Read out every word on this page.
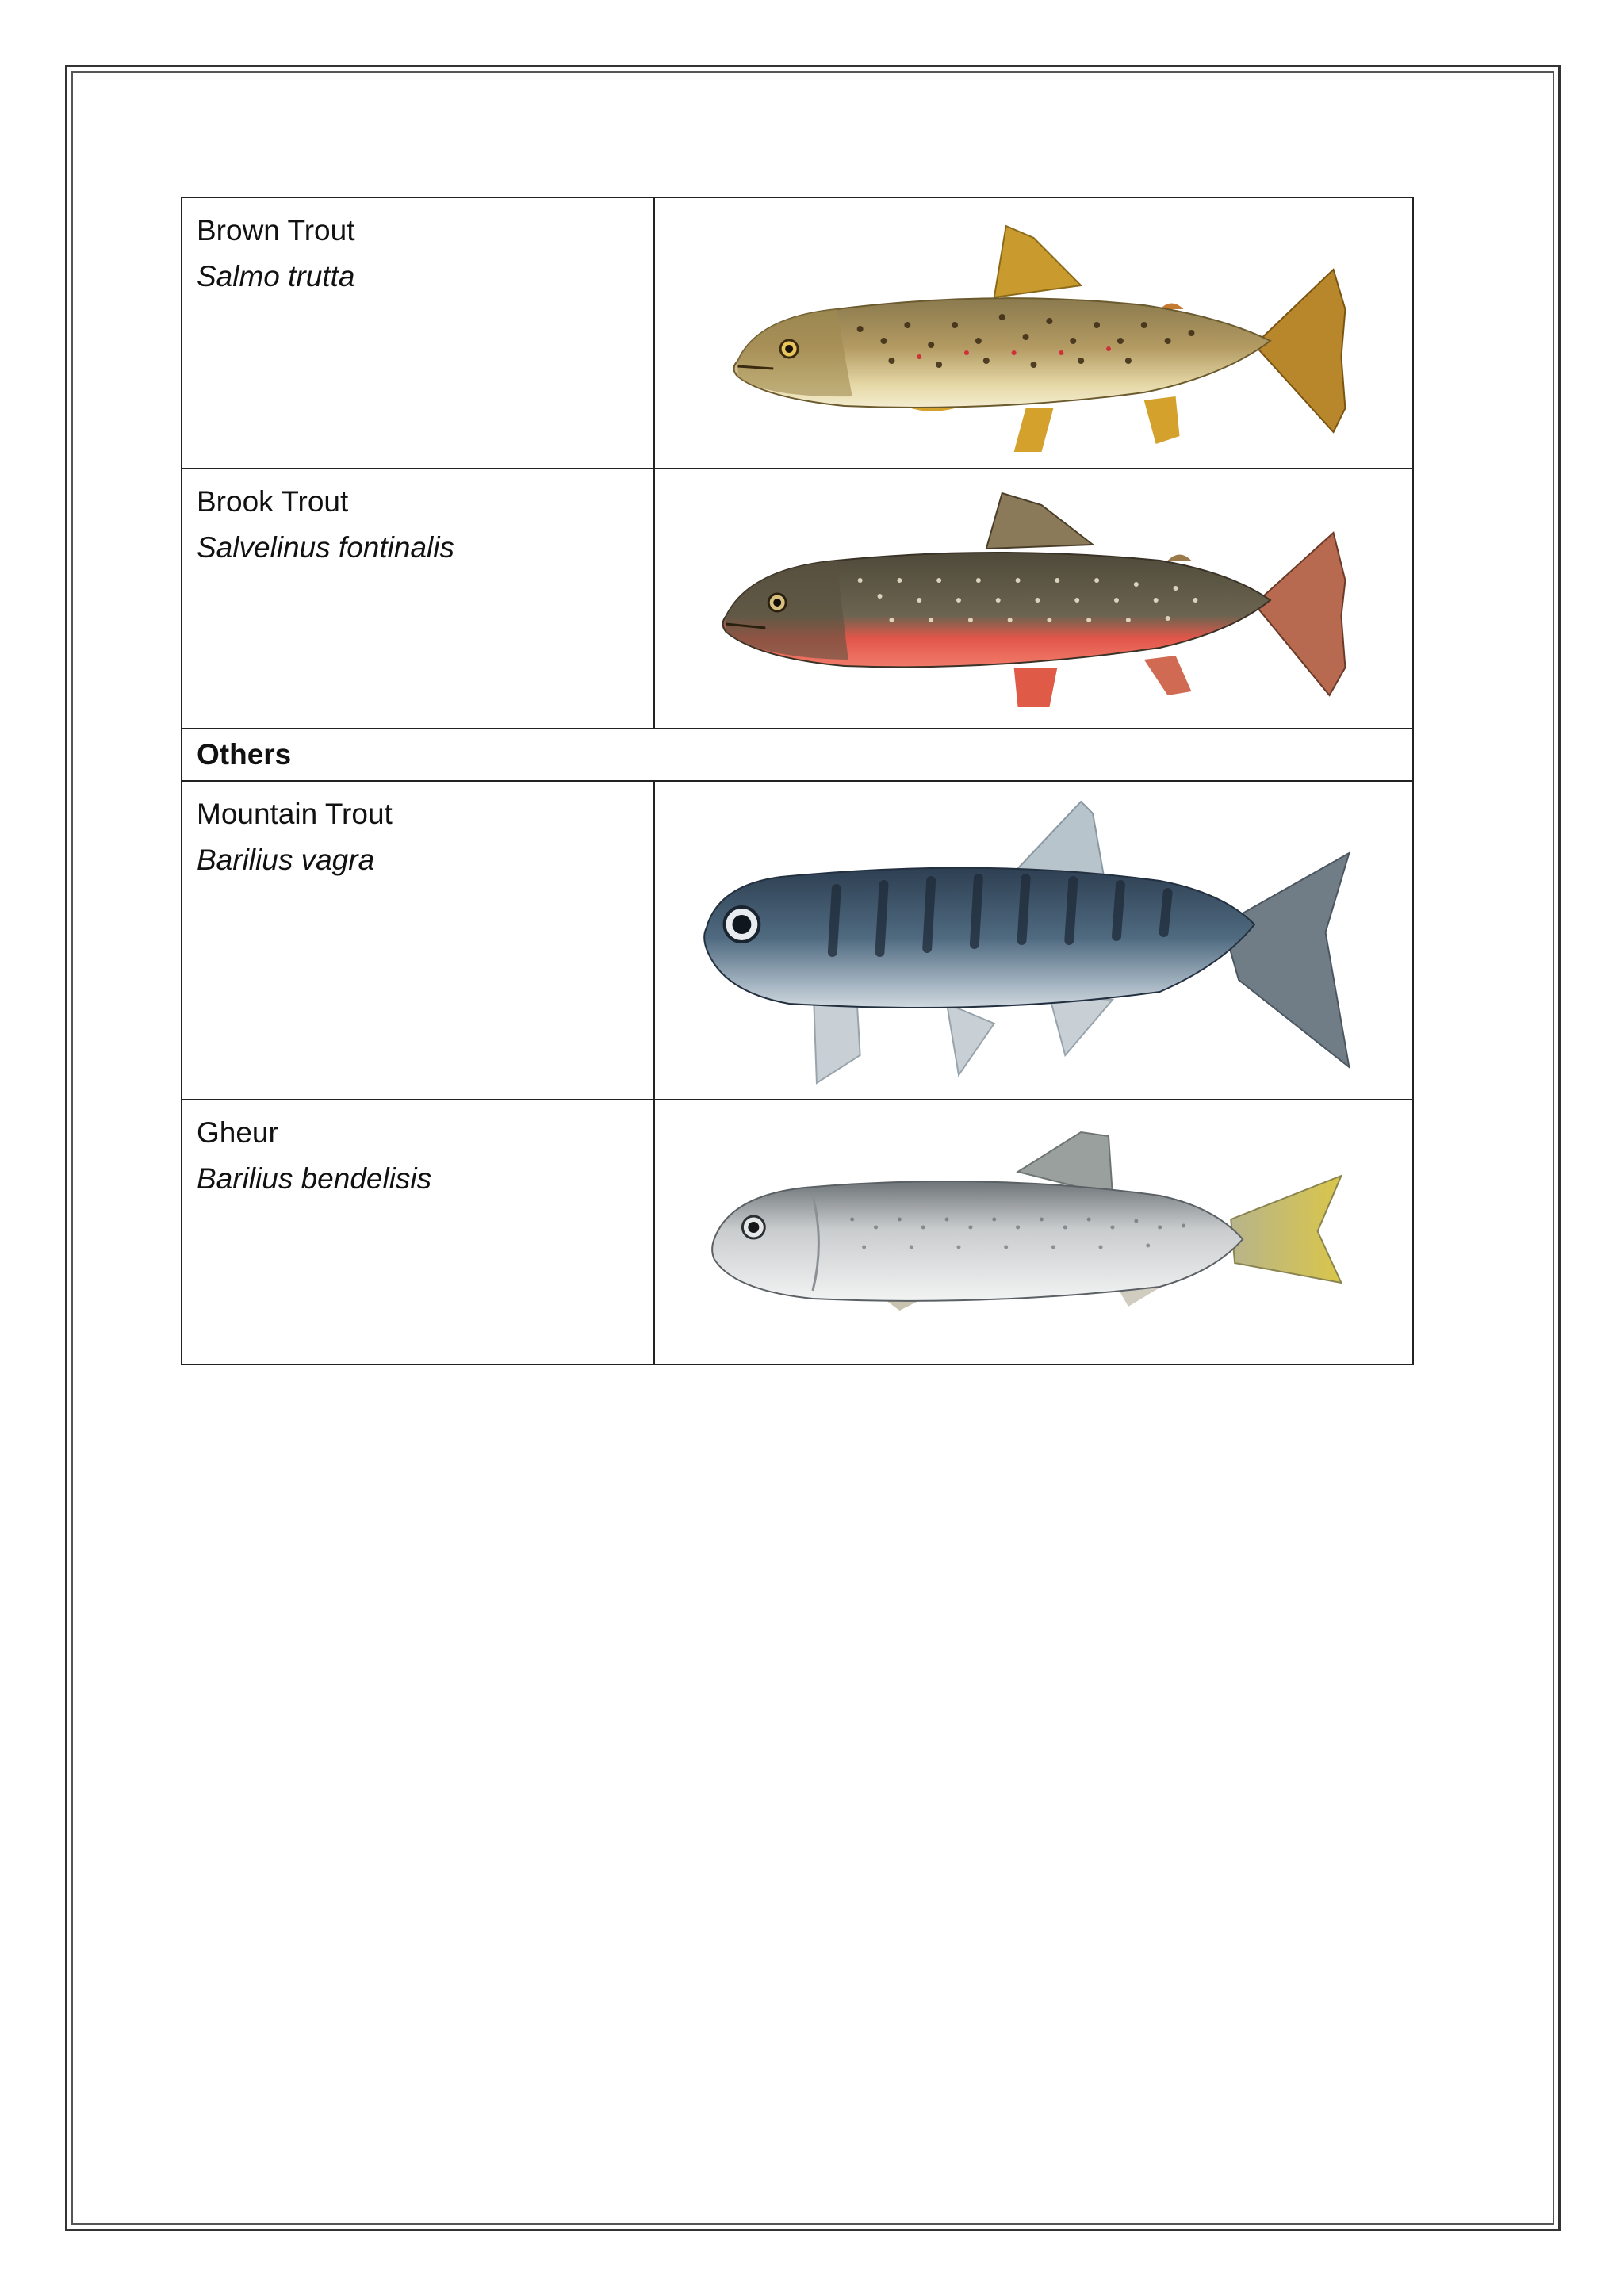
Brown Trout
Salmo trutta

Brook Trout
Salvelinus fontinalis

Others	

Mountain Trout
Barilius vagra

Gheur
Barilius bendelisis
